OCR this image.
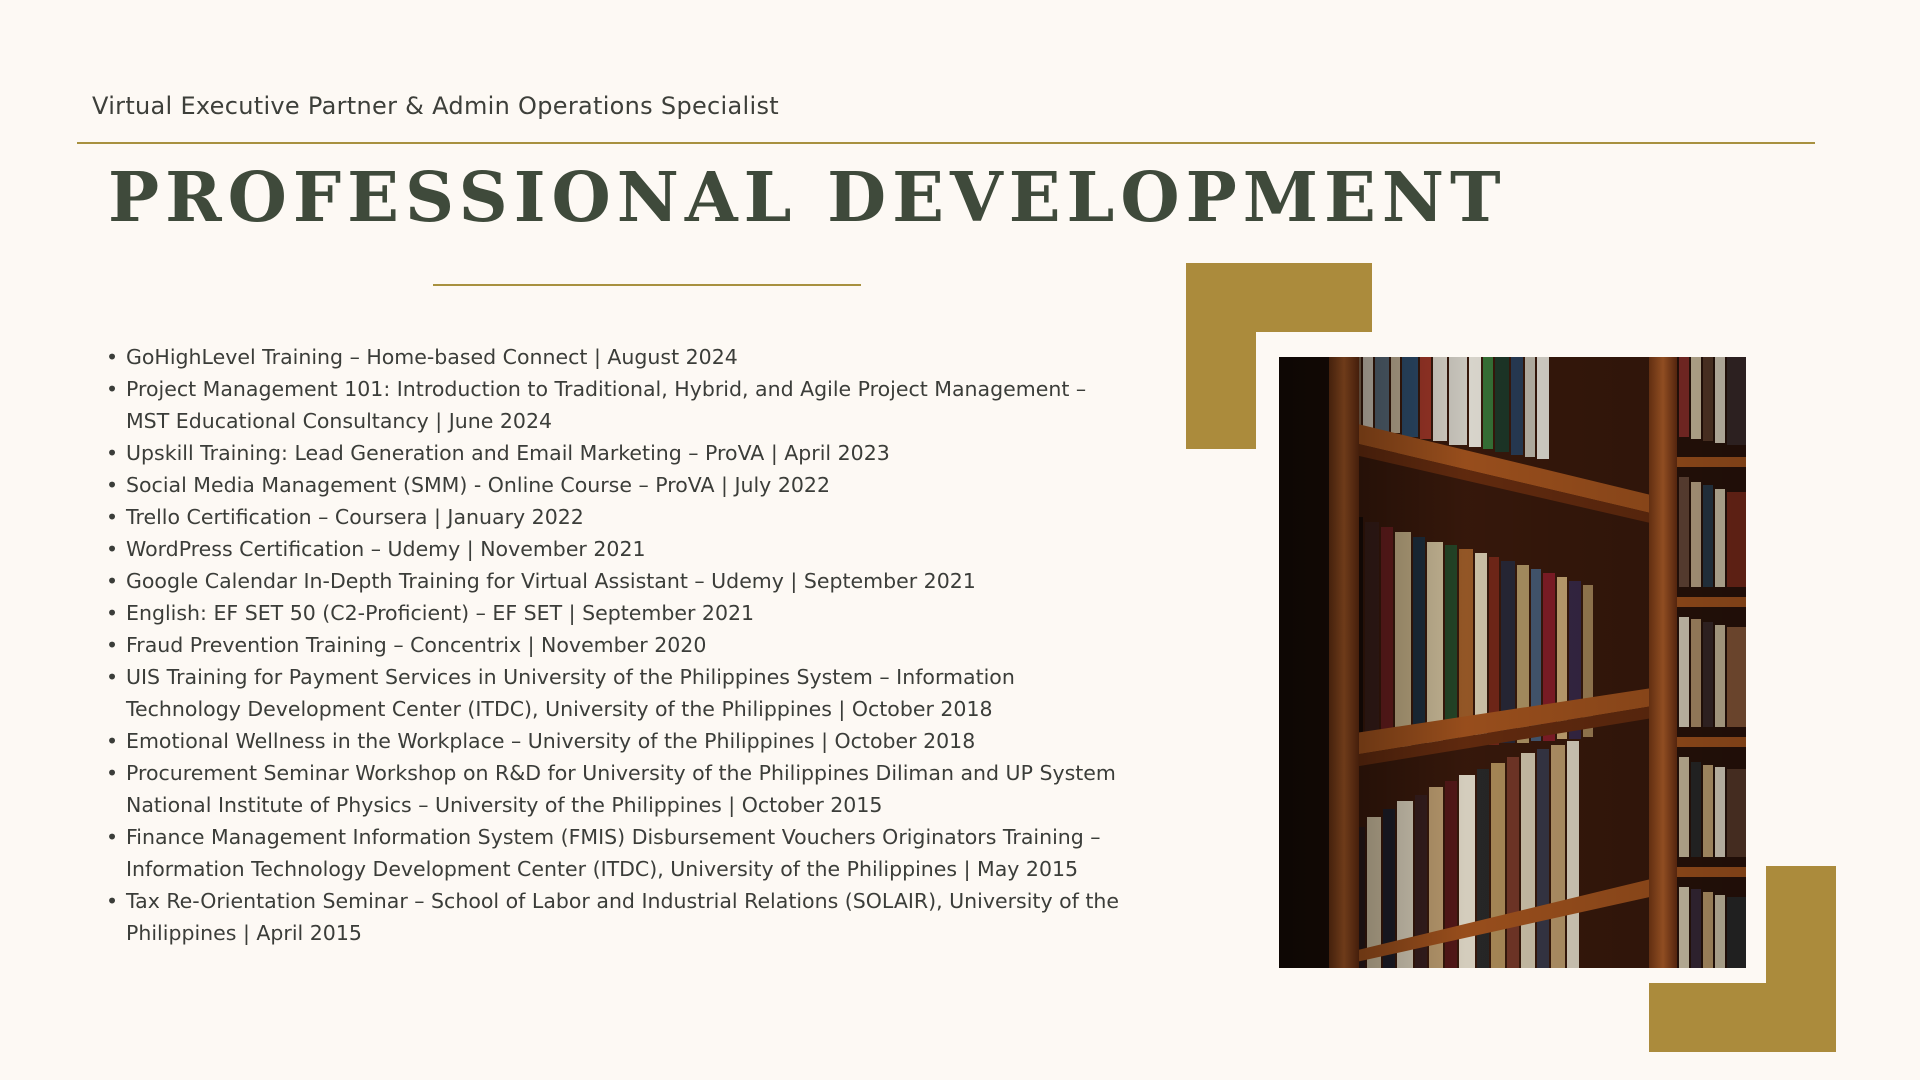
Virtual Executive Partner & Admin Operations Specialist
PROFESSIONAL DEVELOPMENT
• GoHighLevel Training – Home-based Connect | August 2024
• Project Management 101: Introduction to Traditional, Hybrid, and Agile Project Management – MST Educational Consultancy | June 2024
• Upskill Training: Lead Generation and Email Marketing – ProVA | April 2023
• Social Media Management (SMM) - Online Course – ProVA | July 2022
• Trello Certification – Coursera | January 2022
• WordPress Certification – Udemy | November 2021
• Google Calendar In-Depth Training for Virtual Assistant – Udemy | September 2021
• English: EF SET 50 (C2-Proficient) – EF SET | September 2021
• Fraud Prevention Training – Concentrix | November 2020
• UIS Training for Payment Services in University of the Philippines System – Information Technology Development Center (ITDC), University of the Philippines | October 2018
• Emotional Wellness in the Workplace – University of the Philippines | October 2018
• Procurement Seminar Workshop on R&D for University of the Philippines Diliman and UP System National Institute of Physics – University of the Philippines | October 2015
• Finance Management Information System (FMIS) Disbursement Vouchers Originators Training – Information Technology Development Center (ITDC), University of the Philippines | May 2015
• Tax Re-Orientation Seminar – School of Labor and Industrial Relations (SOLAIR), University of the Philippines | April 2015
